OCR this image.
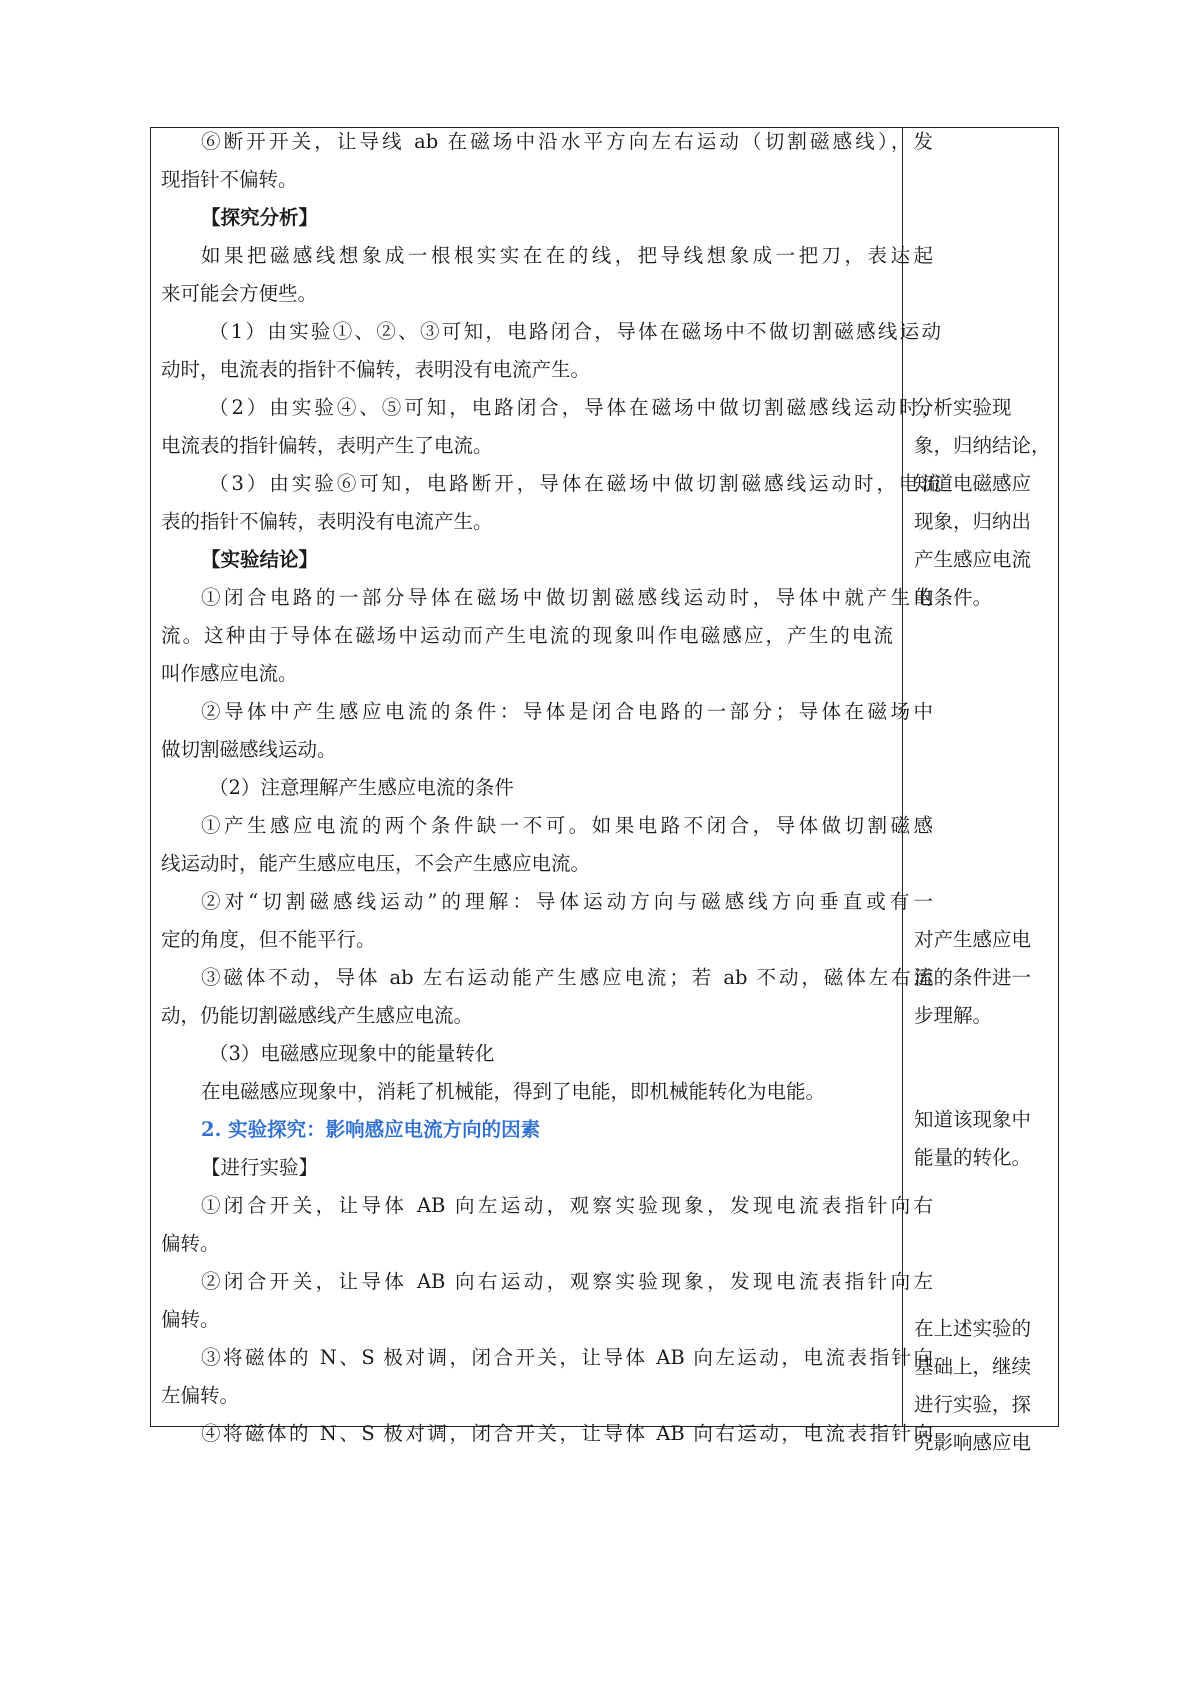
⑥断开开关，让导线 ab 在磁场中沿水平方向左右运动（切割磁感线），发
现指针不偏转。
【探究分析】
如果把磁感线想象成一根根实实在在的线，把导线想象成一把刀，表达起
来可能会方便些。
（1）由实验①、②、③可知，电路闭合，导体在磁场中不做切割磁感线运动
动时，电流表的指针不偏转，表明没有电流产生。
（2）由实验④、⑤可知，电路闭合，导体在磁场中做切割磁感线运动时，
电流表的指针偏转，表明产生了电流。
（3）由实验⑥可知，电路断开，导体在磁场中做切割磁感线运动时，电流
表的指针不偏转，表明没有电流产生。
【实验结论】
①闭合电路的一部分导体在磁场中做切割磁感线运动时，导体中就产生电
流。这种由于导体在磁场中运动而产生电流的现象叫作电磁感应，产生的电流
叫作感应电流。
②导体中产生感应电流的条件：导体是闭合电路的一部分；导体在磁场中
做切割磁感线运动。
（2）注意理解产生感应电流的条件
①产生感应电流的两个条件缺一不可。如果电路不闭合，导体做切割磁感
线运动时，能产生感应电压，不会产生感应电流。
②对“切割磁感线运动”的理解：导体运动方向与磁感线方向垂直或有一
定的角度，但不能平行。
③磁体不动，导体 ab 左右运动能产生感应电流；若 ab 不动，磁体左右运
动，仍能切割磁感线产生感应电流。
（3）电磁感应现象中的能量转化
在电磁感应现象中，消耗了机械能，得到了电能，即机械能转化为电能。
2. 实验探究：影响感应电流方向的因素
【进行实验】
①闭合开关，让导体 AB 向左运动，观察实验现象，发现电流表指针向右
偏转。
②闭合开关，让导体 AB 向右运动，观察实验现象，发现电流表指针向左
偏转。
③将磁体的 N、S 极对调，闭合开关，让导体 AB 向左运动，电流表指针向
左偏转。
④将磁体的 N、S 极对调，闭合开关，让导体 AB 向右运动，电流表指针向
分析实验现
象，归纳结论，
知道电磁感应
现象，归纳出
产生感应电流
的条件。
对产生感应电
流的条件进一
步理解。
知道该现象中
能量的转化。
在上述实验的
基础上，继续
进行实验，探
究影响感应电
